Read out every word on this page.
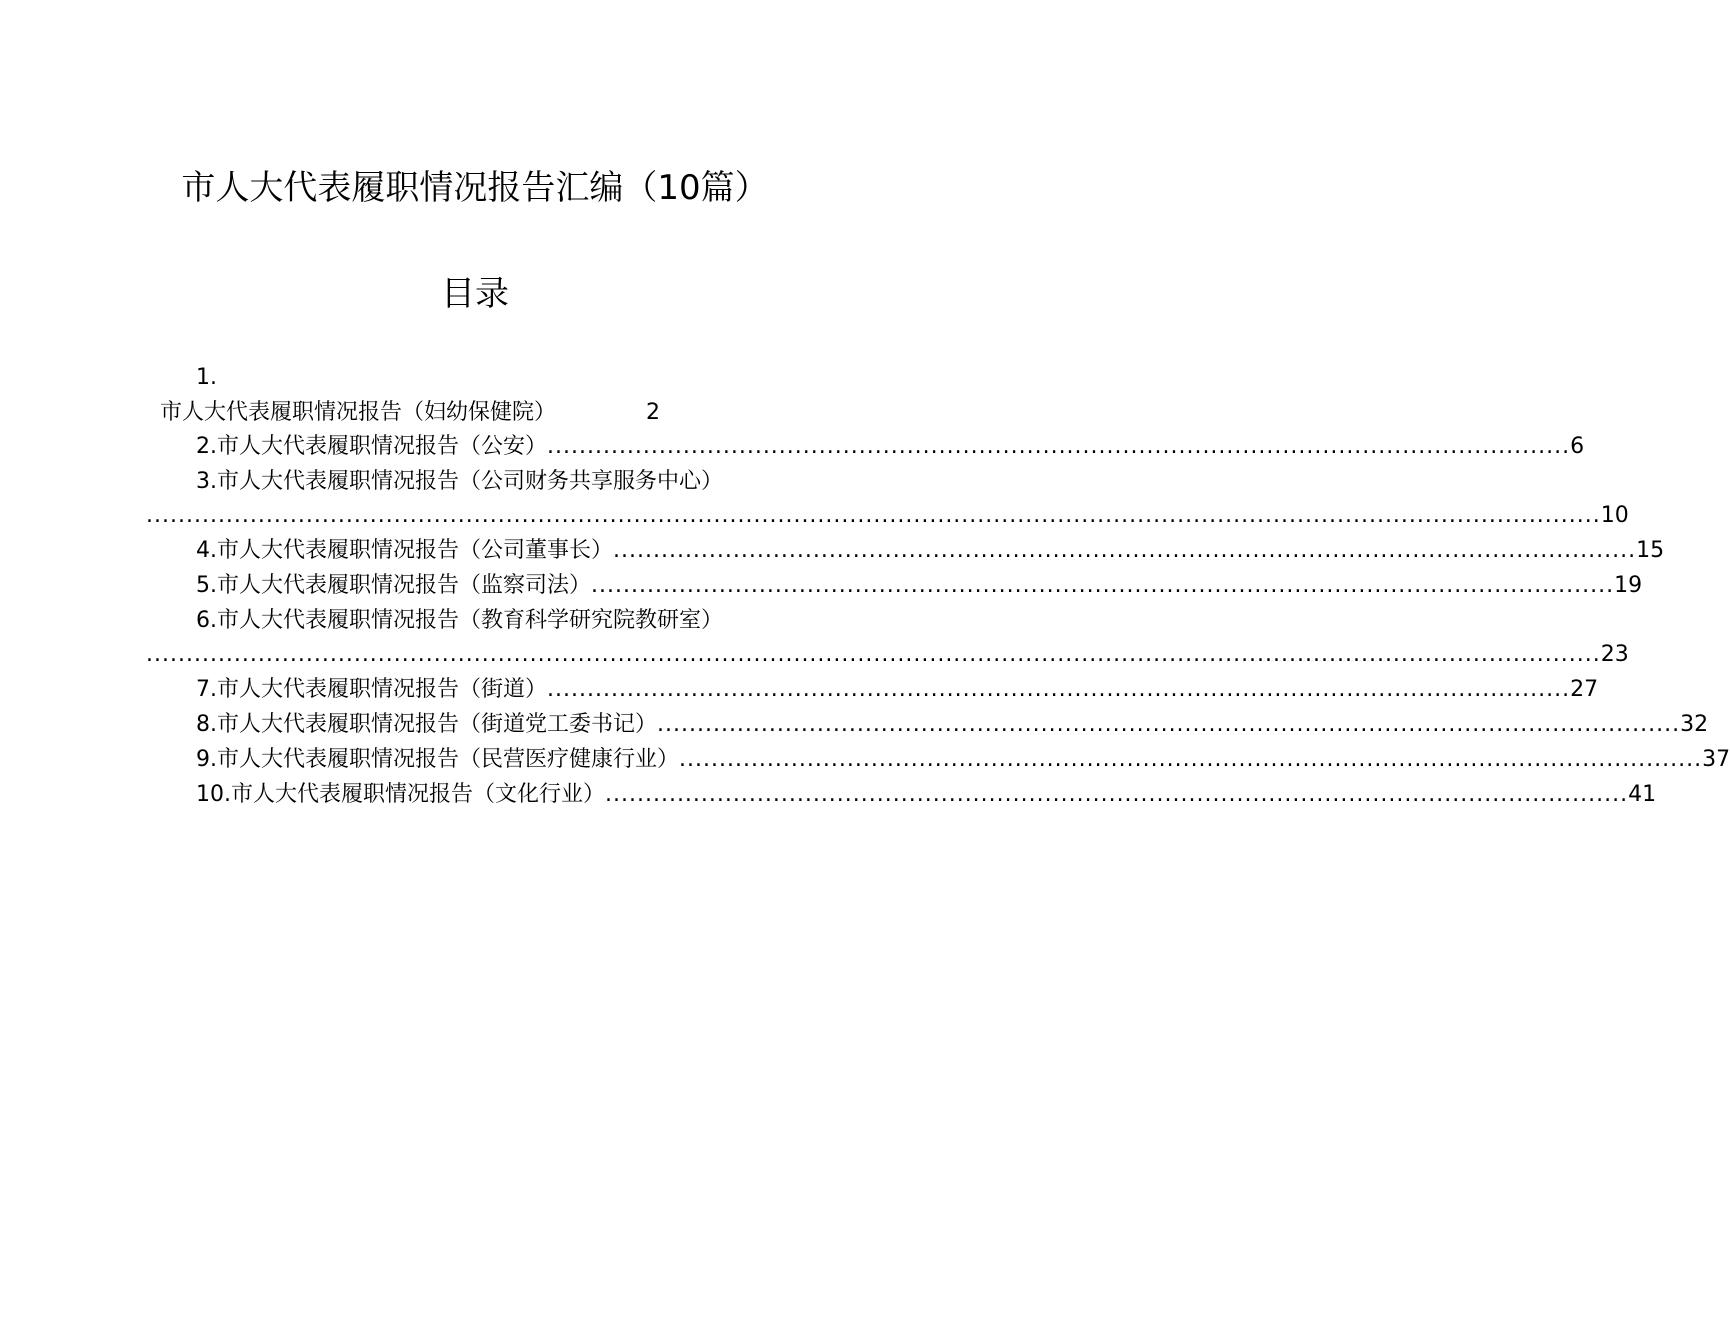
市人大代表履职情况报告汇编（10篇）
目录
1.
市人大代表履职情况报告（妇幼保健院）	2
2.市人大代表履职情况报告（公安） ................................................................................................................................ 6
3.市人大代表履职情况报告（公司财务共享服务中心）
...................................................................................................................................................................................... 10
4.市人大代表履职情况报告（公司董事长） ................................................................................................................................ 15
5.市人大代表履职情况报告（监察司法） ................................................................................................................................ 19
6.市人大代表履职情况报告（教育科学研究院教研室）
...................................................................................................................................................................................... 23
7.市人大代表履职情况报告（街道） ................................................................................................................................ 27
8.市人大代表履职情况报告（街道党工委书记） ................................................................................................................................ 32
9.市人大代表履职情况报告（民营医疗健康行业） ................................................................................................................................ 37
10.市人大代表履职情况报告（文化行业） ................................................................................................................................ 41
